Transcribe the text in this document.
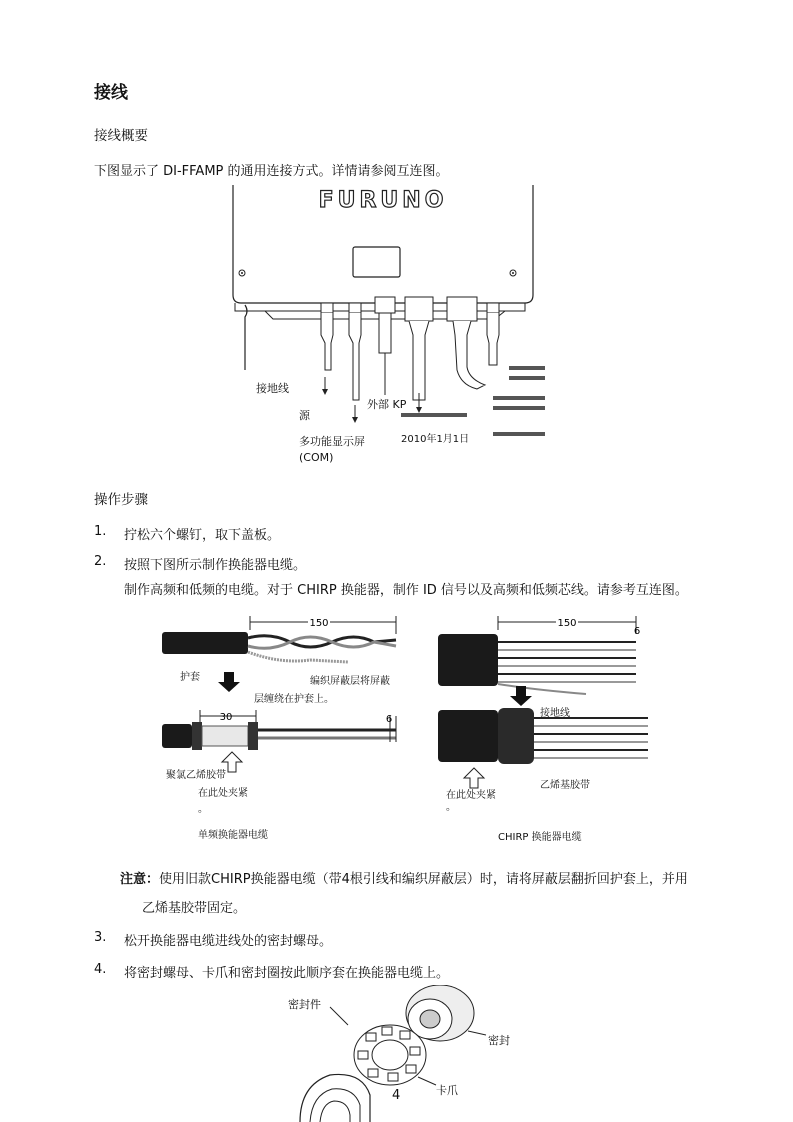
接线
接线概要
下图显示了 DI-FFAMP 的通用连接方式。详情请参阅互连图。
FURUNO
接地线
源
多功能显示屏
(COM)
外部 KP
2010年1月1日
操作步骤
1. 拧松六个螺钉，取下盖板。
2. 按照下图所示制作换能器电缆。
制作高频和低频的电缆。对于 CHIRP 换能器，制作 ID 信号以及高频和低频芯线。请参考互连图。
150
30	6
护套	编织屏蔽层将屏蔽
层缠绕在护套上。
聚氯乙烯胶带
在此处夹紧
。
单频换能器电缆
150
6
接地线
乙烯基胶带
在此处夹紧
。
CHIRP 换能器电缆
注意：使用旧款CHIRP换能器电缆（带4根引线和编织屏蔽层）时，请将屏蔽层翻折回护套上，并用
乙烯基胶带固定。
3. 松开换能器电缆进线处的密封螺母。
4. 将密封螺母、卡爪和密封圈按此顺序套在换能器电缆上。
密封件
密封
卡爪
4
